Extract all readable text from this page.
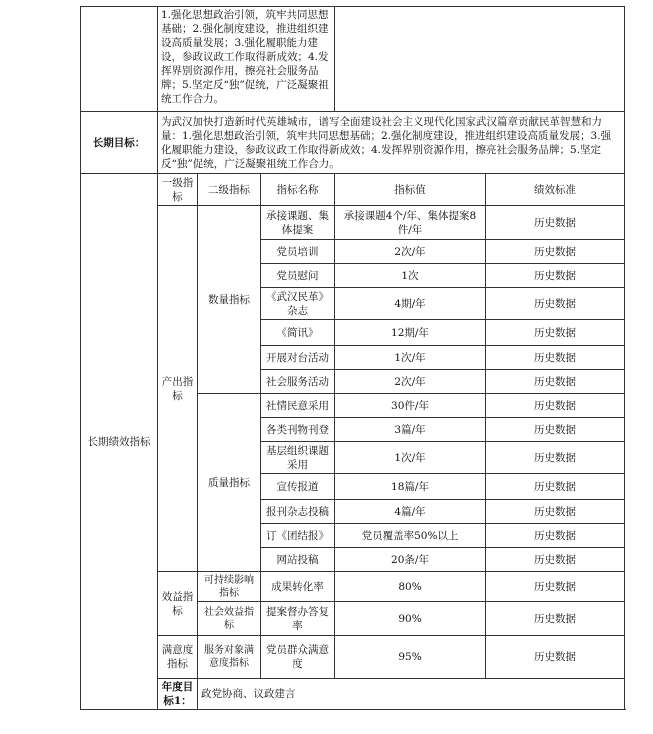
	1.强化思想政治引领，筑牢共同思想基础；2.强化制度建设，推进组织建设高质量发展；3.强化履职能力建设，参政议政工作取得新成效；4.发挥界别资源作用，擦亮社会服务品牌；5.坚定反“独”促统，广泛凝聚祖统工作合力。				
长期目标：	为武汉加快打造新时代英雄城市，谱写全面建设社会主义现代化国家武汉篇章贡献民革智慧和力量：1.强化思想政治引领，筑牢共同思想基础；2.强化制度建设，推进组织建设高质量发展；3.强化履职能力建设，参政议政工作取得新成效；4.发挥界别资源作用，擦亮社会服务品牌；5.坚定反“独”促统，广泛凝聚祖统工作合力。				
长期绩效指标	一级指标	二级指标	指标名称	指标值	绩效标准
	产出指标	数量指标	承接课题、集体提案	承接课题4个/年、集体提案8件/年	历史数据
			党员培训	2次/年	历史数据
			党员慰问	1次	历史数据
			《武汉民革》杂志	4期/年	历史数据
			《简讯》	12期/年	历史数据
			开展对台活动	1次/年	历史数据
			社会服务活动	2次/年	历史数据
		质量指标	社情民意采用	30件/年	历史数据
			各类刊物刊登	3篇/年	历史数据
			基层组织课题采用	1次/年	历史数据
			宣传报道	18篇/年	历史数据
			报刊杂志投稿	4篇/年	历史数据
			订《团结报》	党员覆盖率50%以上	历史数据
			网站投稿	20条/年	历史数据
	效益指标	可持续影响指标	成果转化率	80%	历史数据
		社会效益指标	提案督办答复率	90%	历史数据
	满意度指标	服务对象满意度指标	党员群众满意度	95%	历史数据
	年度目标1：	政党协商、议政建言			
